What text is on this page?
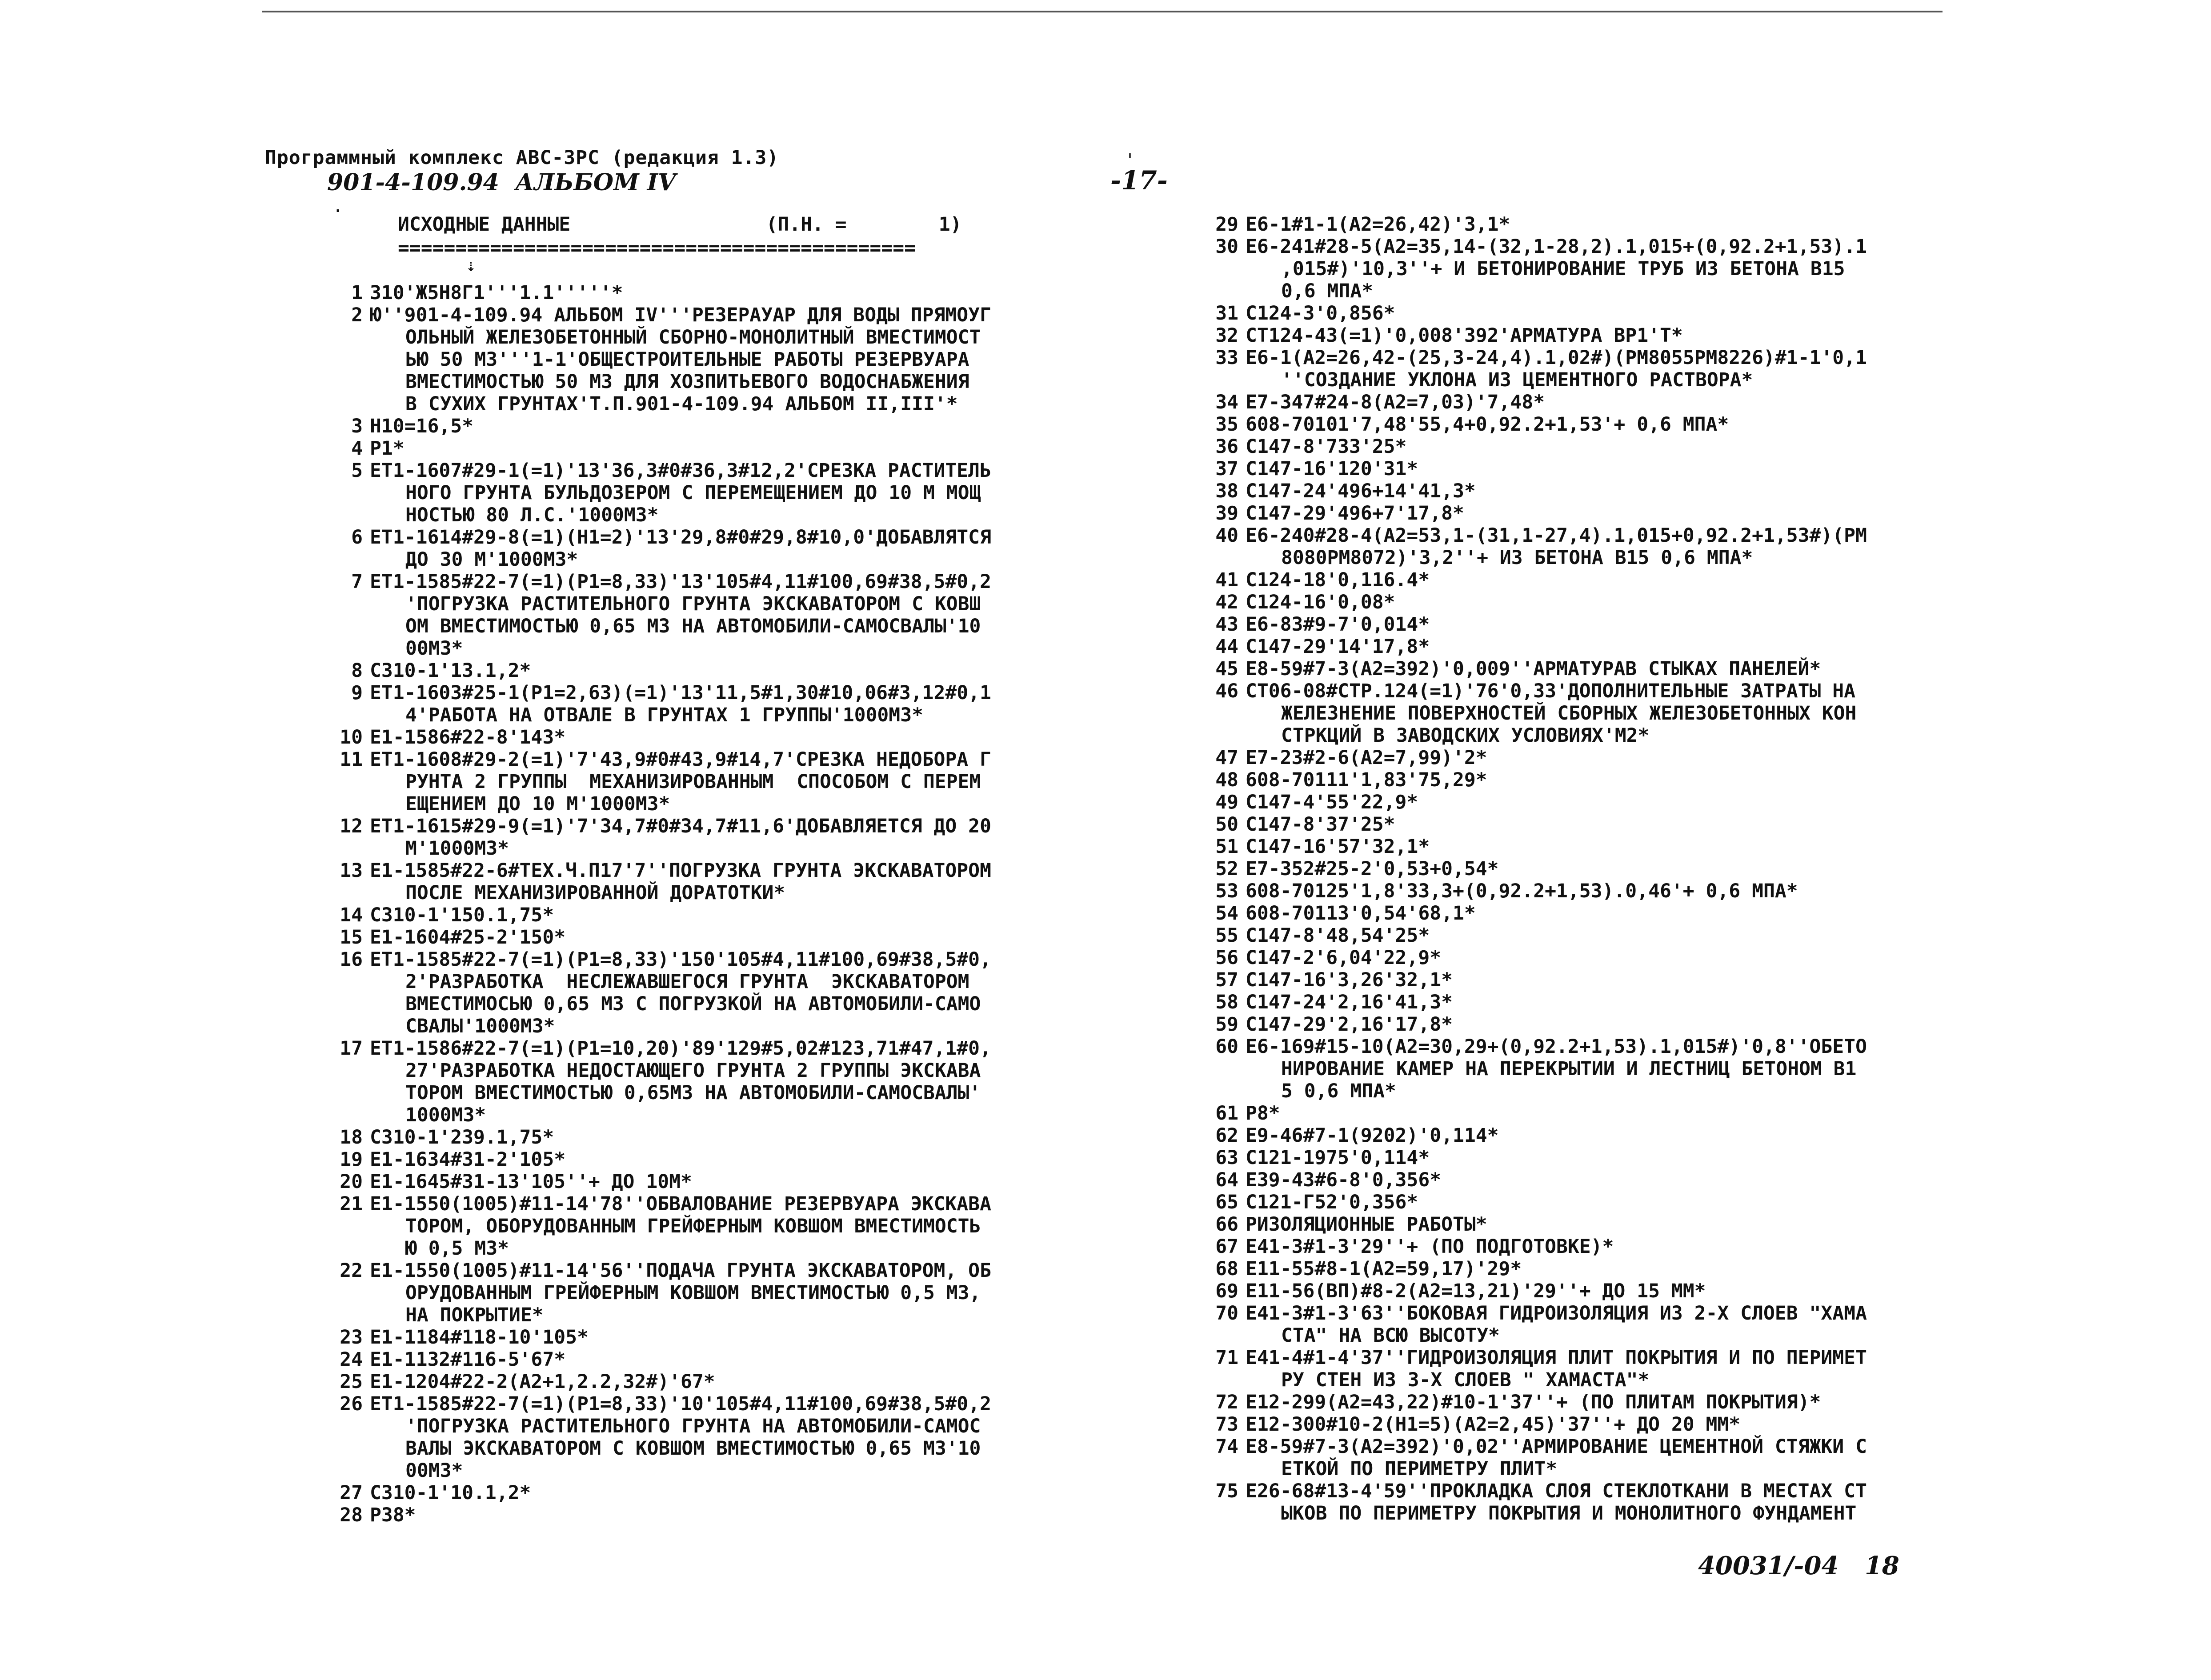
Программный комплекс АВС-ЗРС (редакция 1.3)
901-4-109.94  АЛЬБОМ IV
'
-17-
·
ИСХОДНЫЕ ДАННЫЕ	(П.Н. =	1)
=============================================
⇣
1 З10'Ж5Н8Г1'''1.1'''''*
2 Ю''901-4-109.94 АЛЬБОМ IV'''РЕЗЕРАУАР ДЛЯ ВОДЫ ПРЯМОУГ
ОЛЬНЫЙ ЖЕЛЕЗОБЕТОННЫЙ СБОРНО-МОНОЛИТНЫЙ ВМЕСТИМОСТ
ЬЮ 50 М3'''1-1'ОБЩЕСТРОИТЕЛЬНЫЕ РАБОТЫ РЕЗЕРВУАРА
ВМЕСТИМОСТЬЮ 50 М3 ДЛЯ ХОЗПИТЬЕВОГО ВОДОСНАБЖЕНИЯ
В СУХИХ ГРУНТАХ'Т.П.901-4-109.94 АЛЬБОМ II,III'*
3 Н10=16,5*
4 Р1*
5 ЕТ1-1607#29-1(=1)'13'36,3#0#36,3#12,2'СРЕЗКА РАСТИТЕЛЬ
НОГО ГРУНТА БУЛЬДОЗЕРОМ С ПЕРЕМЕЩЕНИЕМ ДО 10 М МОЩ
НОСТЬЮ 80 Л.С.'1000М3*
6 ЕТ1-1614#29-8(=1)(Н1=2)'13'29,8#0#29,8#10,0'ДОБАВЛЯТСЯ
ДО 30 М'1000М3*
7 ЕТ1-1585#22-7(=1)(Р1=8,33)'13'105#4,11#100,69#38,5#0,2
'ПОГРУЗКА РАСТИТЕЛЬНОГО ГРУНТА ЭКСКАВАТОРОМ С КОВШ
ОМ ВМЕСТИМОСТЬЮ 0,65 М3 НА АВТОМОБИЛИ-САМОСВАЛЫ'10
00М3*
8 С310-1'13.1,2*
9 ЕТ1-1603#25-1(Р1=2,63)(=1)'13'11,5#1,30#10,06#3,12#0,1
4'РАБОТА НА ОТВАЛЕ В ГРУНТАХ 1 ГРУППЫ'1000М3*
10 Е1-1586#22-8'143*
11 ЕТ1-1608#29-2(=1)'7'43,9#0#43,9#14,7'СРЕЗКА НЕДОБОРА Г
РУНТА 2 ГРУППЫ  МЕХАНИЗИРОВАННЫМ  СПОСОБОМ С ПЕРЕМ
ЕЩЕНИЕМ ДО 10 М'1000М3*
12 ЕТ1-1615#29-9(=1)'7'34,7#0#34,7#11,6'ДОБАВЛЯЕТСЯ ДО 20
М'1000М3*
13 Е1-1585#22-6#ТЕХ.Ч.П17'7''ПОГРУЗКА ГРУНТА ЭКСКАВАТОРОМ
ПОСЛЕ МЕХАНИЗИРОВАННОЙ ДОРАТОТКИ*
14 С310-1'150.1,75*
15 Е1-1604#25-2'150*
16 ЕТ1-1585#22-7(=1)(Р1=8,33)'150'105#4,11#100,69#38,5#0,
2'РАЗРАБОТКА  НЕСЛЕЖАВШЕГОСЯ ГРУНТА  ЭКСКАВАТОРОМ
ВМЕСТИМОСЬЮ 0,65 М3 С ПОГРУЗКОЙ НА АВТОМОБИЛИ-САМО
СВАЛЫ'1000М3*
17 ЕТ1-1586#22-7(=1)(Р1=10,20)'89'129#5,02#123,71#47,1#0,
27'РАЗРАБОТКА НЕДОСТАЮЩЕГО ГРУНТА 2 ГРУППЫ ЭКСКАВА
ТОРОМ ВМЕСТИМОСТЬЮ 0,65М3 НА АВТОМОБИЛИ-САМОСВАЛЫ'
1000М3*
18 С310-1'239.1,75*
19 Е1-1634#31-2'105*
20 Е1-1645#31-13'105''+ ДО 10М*
21 Е1-1550(1005)#11-14'78''ОБВАЛОВАНИЕ РЕЗЕРВУАРА ЭКСКАВА
ТОРОМ, ОБОРУДОВАННЫМ ГРЕЙФЕРНЫМ КОВШОМ ВМЕСТИМОСТЬ
Ю 0,5 М3*
22 Е1-1550(1005)#11-14'56''ПОДАЧА ГРУНТА ЭКСКАВАТОРОМ, ОБ
ОРУДОВАННЫМ ГРЕЙФЕРНЫМ КОВШОМ ВМЕСТИМОСТЬЮ 0,5 М3,
НА ПОКРЫТИЕ*
23 Е1-1184#118-10'105*
24 Е1-1132#116-5'67*
25 Е1-1204#22-2(А2+1,2.2,32#)'67*
26 ЕТ1-1585#22-7(=1)(Р1=8,33)'10'105#4,11#100,69#38,5#0,2
'ПОГРУЗКА РАСТИТЕЛЬНОГО ГРУНТА НА АВТОМОБИЛИ-САМОС
ВАЛЫ ЭКСКАВАТОРОМ С КОВШОМ ВМЕСТИМОСТЬЮ 0,65 М3'10
00М3*
27 С310-1'10.1,2*
28 Р38*
29 Е6-1#1-1(А2=26,42)'3,1*
30 Е6-241#28-5(А2=35,14-(32,1-28,2).1,015+(0,92.2+1,53).1
,015#)'10,3''+ И БЕТОНИРОВАНИЕ ТРУБ ИЗ БЕТОНА В15
0,6 МПА*
31 С124-3'0,856*
32 СТ124-43(=1)'0,008'392'АРМАТУРА ВР1'Т*
33 Е6-1(А2=26,42-(25,3-24,4).1,02#)(РМ8055РМ8226)#1-1'0,1
''СОЗДАНИЕ УКЛОНА ИЗ ЦЕМЕНТНОГО РАСТВОРА*
34 Е7-347#24-8(А2=7,03)'7,48*
35 608-70101'7,48'55,4+0,92.2+1,53'+ 0,6 МПА*
36 С147-8'733'25*
37 С147-16'120'31*
38 С147-24'496+14'41,3*
39 С147-29'496+7'17,8*
40 Е6-240#28-4(А2=53,1-(31,1-27,4).1,015+0,92.2+1,53#)(РМ
8080РМ8072)'3,2''+ ИЗ БЕТОНА В15 0,6 МПА*
41 С124-18'0,116.4*
42 С124-16'0,08*
43 Е6-83#9-7'0,014*
44 С147-29'14'17,8*
45 Е8-59#7-3(А2=392)'0,009''АРМАТУРАВ СТЫКАХ ПАНЕЛЕЙ*
46 СТ06-08#СТР.124(=1)'76'0,33'ДОПОЛНИТЕЛЬНЫЕ ЗАТРАТЫ НА
ЖЕЛЕЗНЕНИЕ ПОВЕРХНОСТЕЙ СБОРНЫХ ЖЕЛЕЗОБЕТОННЫХ КОН
СТРКЦИЙ В ЗАВОДСКИХ УСЛОВИЯХ'М2*
47 Е7-23#2-6(А2=7,99)'2*
48 608-70111'1,83'75,29*
49 С147-4'55'22,9*
50 С147-8'37'25*
51 С147-16'57'32,1*
52 Е7-352#25-2'0,53+0,54*
53 608-70125'1,8'33,3+(0,92.2+1,53).0,46'+ 0,6 МПА*
54 608-70113'0,54'68,1*
55 С147-8'48,54'25*
56 С147-2'6,04'22,9*
57 С147-16'3,26'32,1*
58 С147-24'2,16'41,3*
59 С147-29'2,16'17,8*
60 Е6-169#15-10(А2=30,29+(0,92.2+1,53).1,015#)'0,8''ОБЕТО
НИРОВАНИЕ КАМЕР НА ПЕРЕКРЫТИИ И ЛЕСТНИЦ БЕТОНОМ В1
5 0,6 МПА*
61 Р8*
62 Е9-46#7-1(9202)'0,114*
63 С121-1975'0,114*
64 Е39-43#6-8'0,356*
65 С121-Г52'0,356*
66 РИЗОЛЯЦИОННЫЕ РАБОТЫ*
67 Е41-3#1-3'29''+ (ПО ПОДГОТОВКЕ)*
68 Е11-55#8-1(А2=59,17)'29*
69 Е11-56(ВП)#8-2(А2=13,21)'29''+ ДО 15 ММ*
70 Е41-3#1-3'63''БОКОВАЯ ГИДРОИЗОЛЯЦИЯ ИЗ 2-Х СЛОЕВ "ХАМА
СТА" НА ВСЮ ВЫСОТУ*
71 Е41-4#1-4'37''ГИДРОИЗОЛЯЦИЯ ПЛИТ ПОКРЫТИЯ И ПО ПЕРИМЕТ
РУ СТЕН ИЗ 3-Х СЛОЕВ " ХАМАСТА"*
72 Е12-299(А2=43,22)#10-1'37''+ (ПО ПЛИТАМ ПОКРЫТИЯ)*
73 Е12-300#10-2(Н1=5)(А2=2,45)'37''+ ДО 20 ММ*
74 Е8-59#7-3(А2=392)'0,02''АРМИРОВАНИЕ ЦЕМЕНТНОЙ СТЯЖКИ С
ЕТКОЙ ПО ПЕРИМЕТРУ ПЛИТ*
75 Е26-68#13-4'59''ПРОКЛАДКА СЛОЯ СТЕКЛОТКАНИ В МЕСТАХ СТ
ЫКОВ ПО ПЕРИМЕТРУ ПОКРЫТИЯ И МОНОЛИТНОГО ФУНДАМЕНТ
40031/-04   18
